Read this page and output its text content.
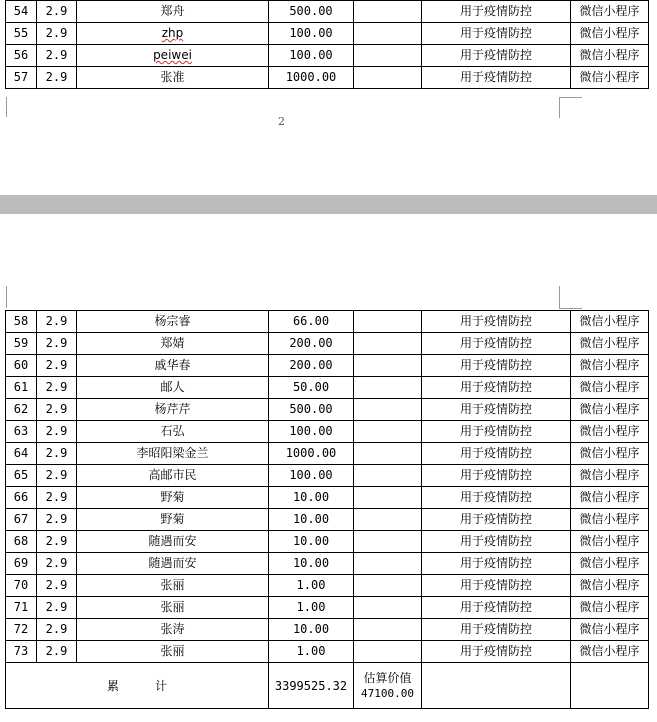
54	2.9	郑舟	500.00		用于疫情防控	微信小程序
55	2.9	zhp	100.00		用于疫情防控	微信小程序
56	2.9	peiwei	100.00		用于疫情防控	微信小程序
57	2.9	张准	1000.00		用于疫情防控	微信小程序
2
58	2.9	杨宗睿	66.00		用于疫情防控	微信小程序
59	2.9	郑婧	200.00		用于疫情防控	微信小程序
60	2.9	戚华春	200.00		用于疫情防控	微信小程序
61	2.9	邮人	50.00		用于疫情防控	微信小程序
62	2.9	杨芹芹	500.00		用于疫情防控	微信小程序
63	2.9	石弘	100.00		用于疫情防控	微信小程序
64	2.9	李昭阳梁金兰	1000.00		用于疫情防控	微信小程序
65	2.9	高邮市民	100.00		用于疫情防控	微信小程序
66	2.9	野菊	10.00		用于疫情防控	微信小程序
67	2.9	野菊	10.00		用于疫情防控	微信小程序
68	2.9	随遇而安	10.00		用于疫情防控	微信小程序
69	2.9	随遇而安	10.00		用于疫情防控	微信小程序
70	2.9	张丽	1.00		用于疫情防控	微信小程序
71	2.9	张丽	1.00		用于疫情防控	微信小程序
72	2.9	张涛	10.00		用于疫情防控	微信小程序
73	2.9	张丽	1.00		用于疫情防控	微信小程序
累计			3399525.32	估算价值
47100.00		
